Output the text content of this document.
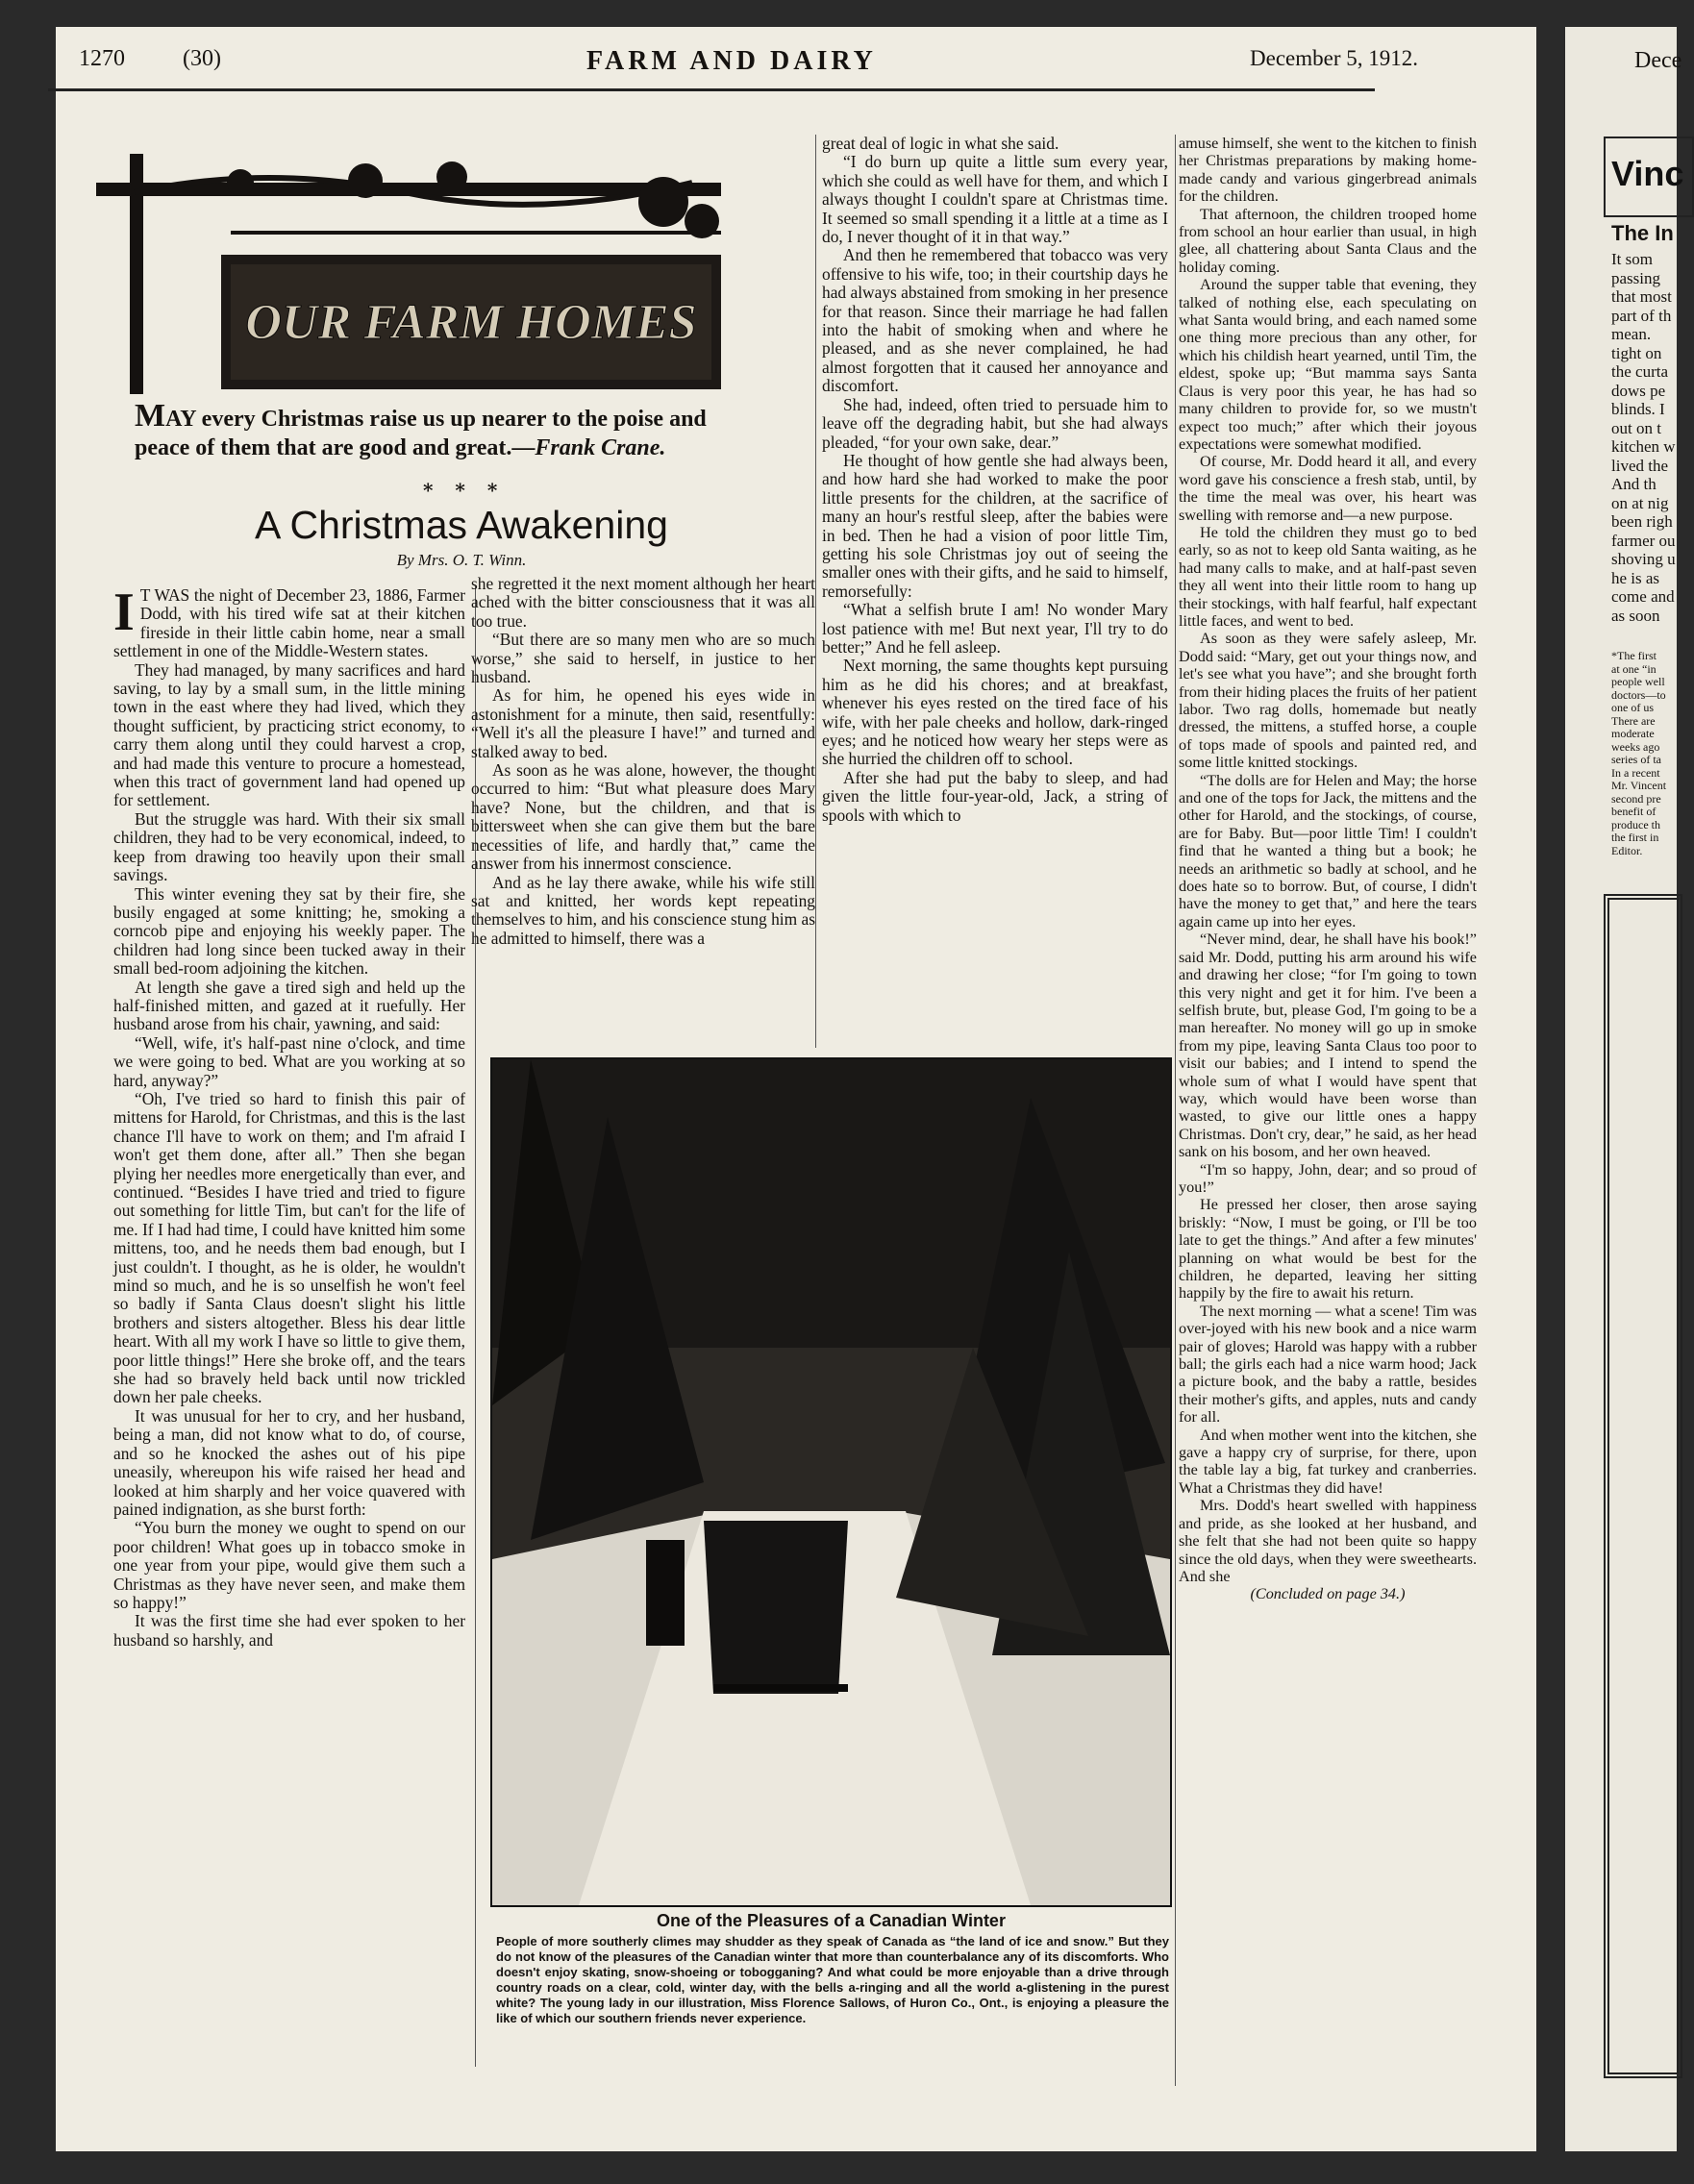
1270	(30)	FARM AND DAIRY	December 5, 1912.
OUR FARM HOMES
MAY every Christmas raise us up nearer to the poise and peace of them that are good and great.—Frank Crane.
* * *
A Christmas Awakening
By Mrs. O. T. Winn.

I T WAS the night of December 23, 1886, Farmer Dodd, with his tired wife sat at their kitchen fireside in their little cabin home, near a small settlement in one of the Middle-Western states.

They had managed, by many sacrifices and hard saving, to lay by a small sum, in the little mining town in the east where they had lived, which they thought sufficient, by practicing strict economy, to carry them along until they could harvest a crop, and had made this venture to procure a homestead, when this tract of government land had opened up for settlement.

But the struggle was hard. With their six small children, they had to be very economical, indeed, to keep from drawing too heavily upon their small savings.

This winter evening they sat by their fire, she busily engaged at some knitting; he, smoking a corncob pipe and enjoying his weekly paper. The children had long since been tucked away in their small bed-room adjoining the kitchen.

At length she gave a tired sigh and held up the half-finished mitten, and gazed at it ruefully. Her husband arose from his chair, yawning, and said:

“Well, wife, it's half-past nine o'clock, and time we were going to bed. What are you working at so hard, anyway?”

“Oh, I've tried so hard to finish this pair of mittens for Harold, for Christmas, and this is the last chance I'll have to work on them; and I'm afraid I won't get them done, after all.” Then she began plying her needles more energetically than ever, and continued. “Besides I have tried and tried to figure out something for little Tim, but can't for the life of me. If I had had time, I could have knitted him some mittens, too, and he needs them bad enough, but I just couldn't. I thought, as he is older, he wouldn't mind so much, and he is so unselfish he won't feel so badly if Santa Claus doesn't slight his little brothers and sisters altogether. Bless his dear little heart. With all my work I have so little to give them, poor little things!” Here she broke off, and the tears she had so bravely held back until now trickled down her pale cheeks.

It was unusual for her to cry, and her husband, being a man, did not know what to do, of course, and so he knocked the ashes out of his pipe uneasily, whereupon his wife raised her head and looked at him sharply and her voice quavered with pained indignation, as she burst forth:

“You burn the money we ought to spend on our poor children! What goes up in tobacco smoke in one year from your pipe, would give them such a Christmas as they have never seen, and make them so happy!”

It was the first time she had ever spoken to her husband so harshly, and

she regretted it the next moment although her heart ached with the bitter consciousness that it was all too true.

“But there are so many men who are so much worse,” she said to herself, in justice to her husband.

As for him, he opened his eyes wide in astonishment for a minute, then said, resentfully: “Well it's all the pleasure I have!” and turned and stalked away to bed.

As soon as he was alone, however, the thought occurred to him: “But what pleasure does Mary have? None, but the children, and that is bittersweet when she can give them but the bare necessities of life, and hardly that,” came the answer from his innermost conscience.

And as he lay there awake, while his wife still sat and knitted, her words kept repeating themselves to him, and his conscience stung him as he admitted to himself, there was a

great deal of logic in what she said.

“I do burn up quite a little sum every year, which she could as well have for them, and which I always thought I couldn't spare at Christmas time. It seemed so small spending it a little at a time as I do, I never thought of it in that way.”

And then he remembered that tobacco was very offensive to his wife, too; in their courtship days he had always abstained from smoking in her presence for that reason. Since their marriage he had fallen into the habit of smoking when and where he pleased, and as she never complained, he had almost forgotten that it caused her annoyance and discomfort.

She had, indeed, often tried to persuade him to leave off the degrading habit, but she had always pleaded, “for your own sake, dear.”

He thought of how gentle she had always been, and how hard she had worked to make the poor little presents for the children, at the sacrifice of many an hour's restful sleep, after the babies were in bed. Then he had a vision of poor little Tim, getting his sole Christmas joy out of seeing the smaller ones with their gifts, and he said to himself, remorsefully:

“What a selfish brute I am! No wonder Mary lost patience with me! But next year, I'll try to do better;” And he fell asleep.

Next morning, the same thoughts kept pursuing him as he did his chores; and at breakfast, whenever his eyes rested on the tired face of his wife, with her pale cheeks and hollow, dark-ringed eyes; and he noticed how weary her steps were as she hurried the children off to school.

After she had put the baby to sleep, and had given the little four-year-old, Jack, a string of spools with which to

amuse himself, she went to the kitchen to finish her Christmas preparations by making home-made candy and various gingerbread animals for the children.

That afternoon, the children trooped home from school an hour earlier than usual, in high glee, all chattering about Santa Claus and the holiday coming.

Around the supper table that evening, they talked of nothing else, each speculating on what Santa would bring, and each named some one thing more precious than any other, for which his childish heart yearned, until Tim, the eldest, spoke up; “But mamma says Santa Claus is very poor this year, he has had so many children to provide for, so we mustn't expect too much;” after which their joyous expectations were somewhat modified.

Of course, Mr. Dodd heard it all, and every word gave his conscience a fresh stab, until, by the time the meal was over, his heart was swelling with remorse and—a new purpose.

He told the children they must go to bed early, so as not to keep old Santa waiting, as he had many calls to make, and at half-past seven they all went into their little room to hang up their stockings, with half fearful, half expectant little faces, and went to bed.

As soon as they were safely asleep, Mr. Dodd said: “Mary, get out your things now, and let's see what you have”; and she brought forth from their hiding places the fruits of her patient labor. Two rag dolls, homemade but neatly dressed, the mittens, a stuffed horse, a couple of tops made of spools and painted red, and some little knitted stockings.

“The dolls are for Helen and May; the horse and one of the tops for Jack, the mittens and the other for Harold, and the stockings, of course, are for Baby. But—poor little Tim! I couldn't find that he wanted a thing but a book; he needs an arithmetic so badly at school, and he does hate so to borrow. But, of course, I didn't have the money to get that,” and here the tears again came up into her eyes.

“Never mind, dear, he shall have his book!” said Mr. Dodd, putting his arm around his wife and drawing her close; “for I'm going to town this very night and get it for him. I've been a selfish brute, but, please God, I'm going to be a man hereafter. No money will go up in smoke from my pipe, leaving Santa Claus too poor to visit our babies; and I intend to spend the whole sum of what I would have spent that way, which would have been worse than wasted, to give our little ones a happy Christmas. Don't cry, dear,” he said, as her head sank on his bosom, and her own heaved.

“I'm so happy, John, dear; and so proud of you!”

He pressed her closer, then arose saying briskly: “Now, I must be going, or I'll be too late to get the things.” And after a few minutes' planning on what would be best for the children, he departed, leaving her sitting happily by the fire to await his return.

The next morning — what a scene! Tim was over-joyed with his new book and a nice warm pair of gloves; Harold was happy with a rubber ball; the girls each had a nice warm hood; Jack a picture book, and the baby a rattle, besides their mother's gifts, and apples, nuts and candy for all.

And when mother went into the kitchen, she gave a happy cry of surprise, for there, upon the table lay a big, fat turkey and cranberries. What a Christmas they did have!

Mrs. Dodd's heart swelled with happiness and pride, as she looked at her husband, and she felt that she had not been quite so happy since the old days, when they were sweethearts. And she

(Concluded on page 34.)

One of the Pleasures of a Canadian Winter
People of more southerly climes may shudder as they speak of Canada as “the land of ice and snow.” But they do not know of the pleasures of the Canadian winter that more than counterbalance any of its discomforts. Who doesn't enjoy skating, snow-shoeing or tobogganing? And what could be more enjoyable than a drive through country roads on a clear, cold, winter day, with the bells a-ringing and all the world a-glistening in the purest white? The young lady in our illustration, Miss Florence Sallows, of Huron Co., Ont., is enjoying a pleasure the like of which our southern friends never experience.
Dece
Vinc
The In
It som
passing
that most
part of th
mean.
tight on
the curta
dows pe
blinds. I
out on t
kitchen w
lived the
And th
on at nig
been righ
farmer ou
shoving u
he is as
come and
as soon
*The first
at one “in
people well
doctors—to
one of us
There are
moderate
weeks ago
series of ta
In a recent
Mr. Vincent
second pre
benefit of
produce th
the first in
Editor.
